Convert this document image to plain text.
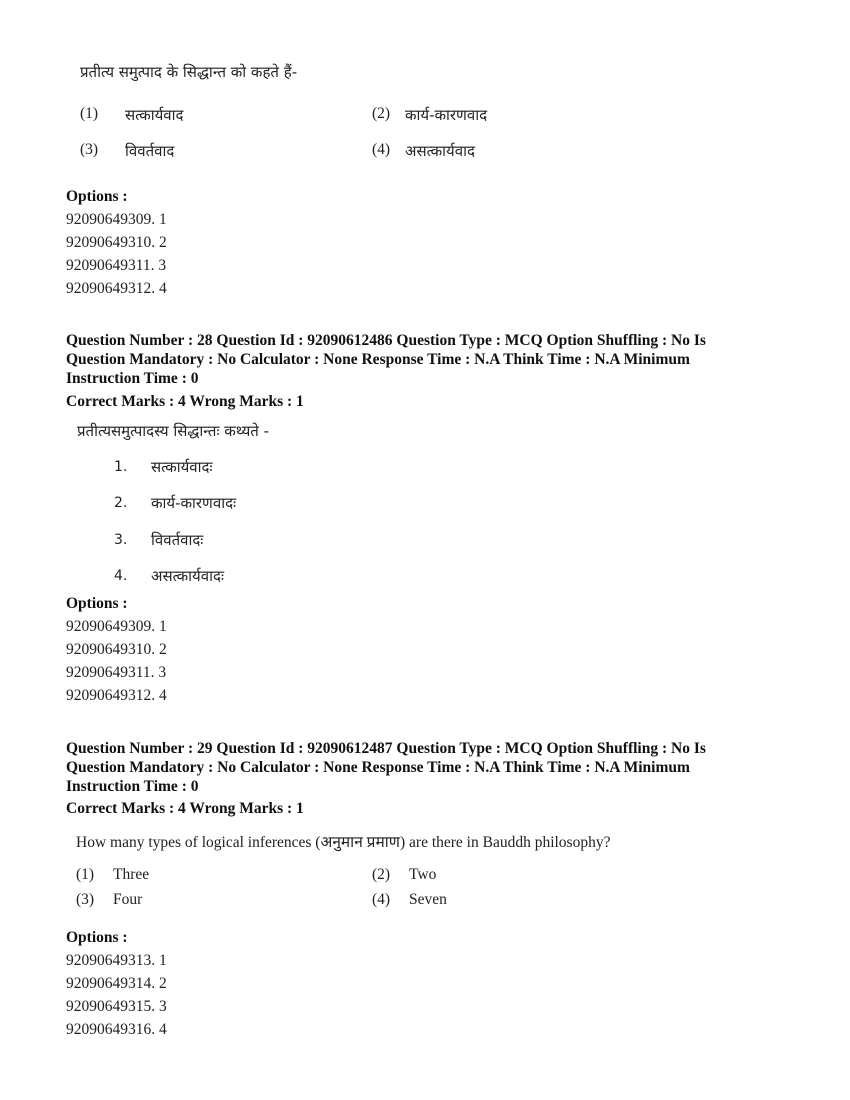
प्रतीत्य समुत्पाद के सिद्धान्त को कहते हैं-
(1) सत्कार्यवाद	(2) कार्य-कारणवाद
(3) विवर्तवाद	(4) असत्कार्यवाद
Options :
92090649309. 1
92090649310. 2
92090649311. 3
92090649312. 4
Question Number : 28 Question Id : 92090612486 Question Type : MCQ Option Shuffling : No Is
Question Mandatory : No Calculator : None Response Time : N.A Think Time : N.A Minimum
Instruction Time : 0
Correct Marks : 4 Wrong Marks : 1
प्रतीत्यसमुत्पादस्य सिद्धान्तः कथ्यते -
1. सत्कार्यवादः
2. कार्य-कारणवादः
3. विवर्तवादः
4. असत्कार्यवादः
Options :
92090649309. 1
92090649310. 2
92090649311. 3
92090649312. 4
Question Number : 29 Question Id : 92090612487 Question Type : MCQ Option Shuffling : No Is
Question Mandatory : No Calculator : None Response Time : N.A Think Time : N.A Minimum
Instruction Time : 0
Correct Marks : 4 Wrong Marks : 1
How many types of logical inferences (अनुमान प्रमाण) are there in Bauddh philosophy?
(1) Three	(2) Two
(3) Four	(4) Seven
Options :
92090649313. 1
92090649314. 2
92090649315. 3
92090649316. 4
